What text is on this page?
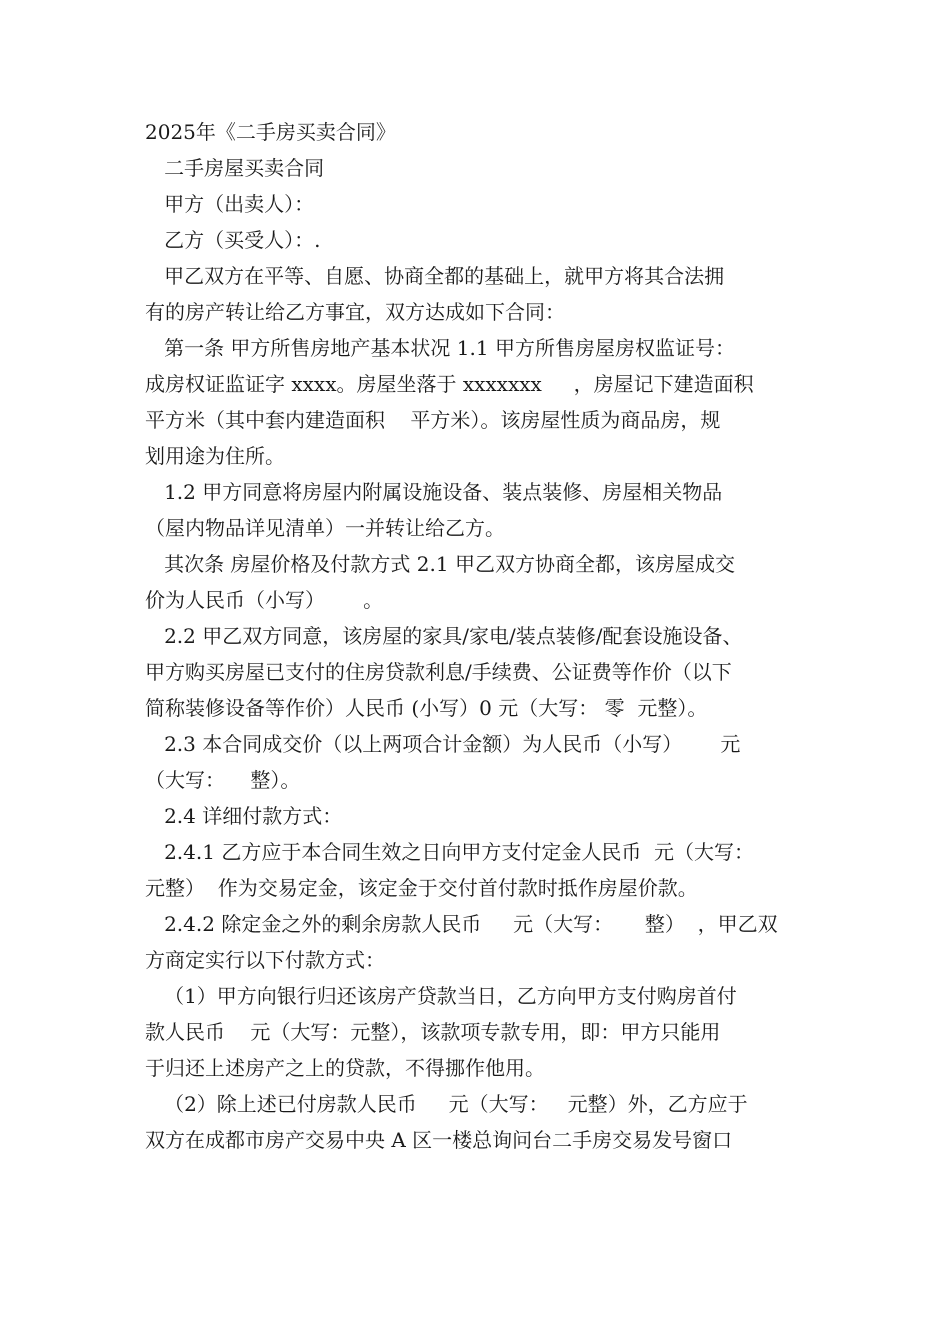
2025年《二手房买卖合同》
二手房屋买卖合同
甲方（出卖人）：
乙方（买受人）：.
甲乙双方在平等、自愿、协商全都的基础上，就甲方将其合法拥
有的房产转让给乙方事宜，双方达成如下合同：
第一条 甲方所售房地产基本状况 1.1 甲方所售房屋房权监证号：
成房权证监证字 xxxx。房屋坐落于 xxxxxxx     ，房屋记下建造面积
平方米（其中套内建造面积    平方米）。该房屋性质为商品房，规
划用途为住所。
1.2 甲方同意将房屋内附属设施设备、装点装修、房屋相关物品
（屋内物品详见清单）一并转让给乙方。
其次条 房屋价格及付款方式 2.1 甲乙双方协商全都，该房屋成交
价为人民币（小写）      。
2.2 甲乙双方同意，该房屋的家具/家电/装点装修/配套设施设备、
甲方购买房屋已支付的住房贷款利息/手续费、公证费等作价（以下
简称装修设备等作价）人民币 (小写）0 元（大写： 零  元整）。
2.3 本合同成交价（以上两项合计金额）为人民币（小写）      元
（大写：    整）。
2.4 详细付款方式：
2.4.1 乙方应于本合同生效之日向甲方支付定金人民币  元（大写：
元整）  作为交易定金，该定金于交付首付款时抵作房屋价款。
2.4.2 除定金之外的剩余房款人民币     元（大写：     整）  ，甲乙双
方商定实行以下付款方式：
（1）甲方向银行归还该房产贷款当日，乙方向甲方支付购房首付
款人民币    元（大写：元整），该款项专款专用，即：甲方只能用
于归还上述房产之上的贷款，不得挪作他用。
（2）除上述已付房款人民币     元（大写：   元整）外，乙方应于
双方在成都市房产交易中央 A 区一楼总询问台二手房交易发号窗口
